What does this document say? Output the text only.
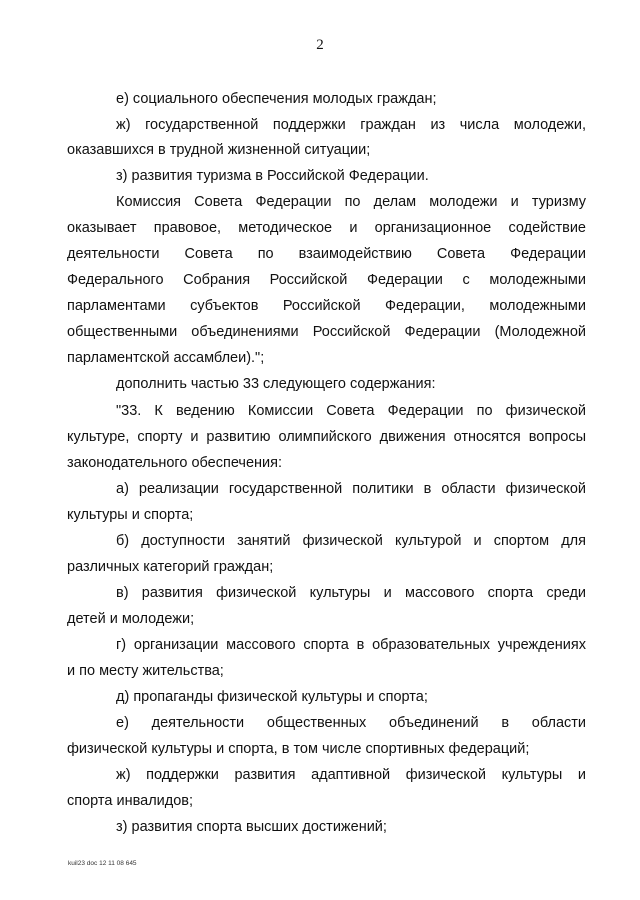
2
е) социального обеспечения молодых граждан;
ж) государственной поддержки граждан из числа молодежи,
оказавшихся в трудной жизненной ситуации;
з) развития туризма в Российской Федерации.
Комиссия Совета Федерации по делам молодежи и туризму
оказывает правовое, методическое и организационное содействие
деятельности Совета по взаимодействию Совета Федерации
Федерального Собрания Российской Федерации с молодежными
парламентами субъектов Российской Федерации, молодежными
общественными объединениями Российской Федерации (Молодежной
парламентской ассамблеи).";
дополнить частью 33 следующего содержания:
"33. К ведению Комиссии Совета Федерации по физической
культуре, спорту и развитию олимпийского движения относятся вопросы
законодательного обеспечения:
а) реализации государственной политики в области физической
культуры и спорта;
б) доступности занятий физической культурой и спортом для
различных категорий граждан;
в) развития физической культуры и массового спорта среди
детей и молодежи;
г) организации массового спорта в образовательных учреждениях
и по месту жительства;
д) пропаганды физической культуры и спорта;
е) деятельности общественных объединений в области
физической культуры и спорта, в том числе спортивных федераций;
ж) поддержки развития адаптивной физической культуры и
спорта инвалидов;
з) развития спорта высших достижений;
kuil23 doc 12 11 08 645
